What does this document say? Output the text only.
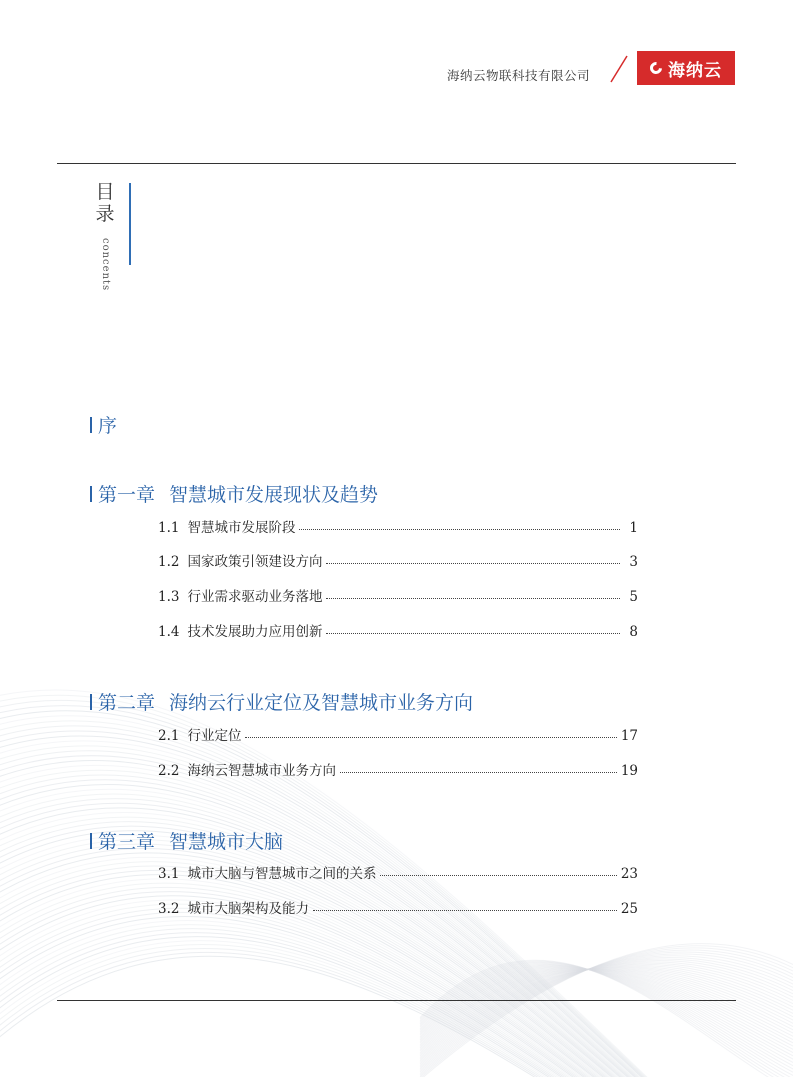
海纳云物联科技有限公司	海纳云
目
录
concents
序
第一章 智慧城市发展现状及趋势
1.1 智慧城市发展阶段	1
1.2 国家政策引领建设方向	3
1.3 行业需求驱动业务落地	5
1.4 技术发展助力应用创新	8
第二章 海纳云行业定位及智慧城市业务方向
2.1 行业定位	17
2.2 海纳云智慧城市业务方向	19
第三章 智慧城市大脑
3.1 城市大脑与智慧城市之间的关系	23
3.2 城市大脑架构及能力	25
